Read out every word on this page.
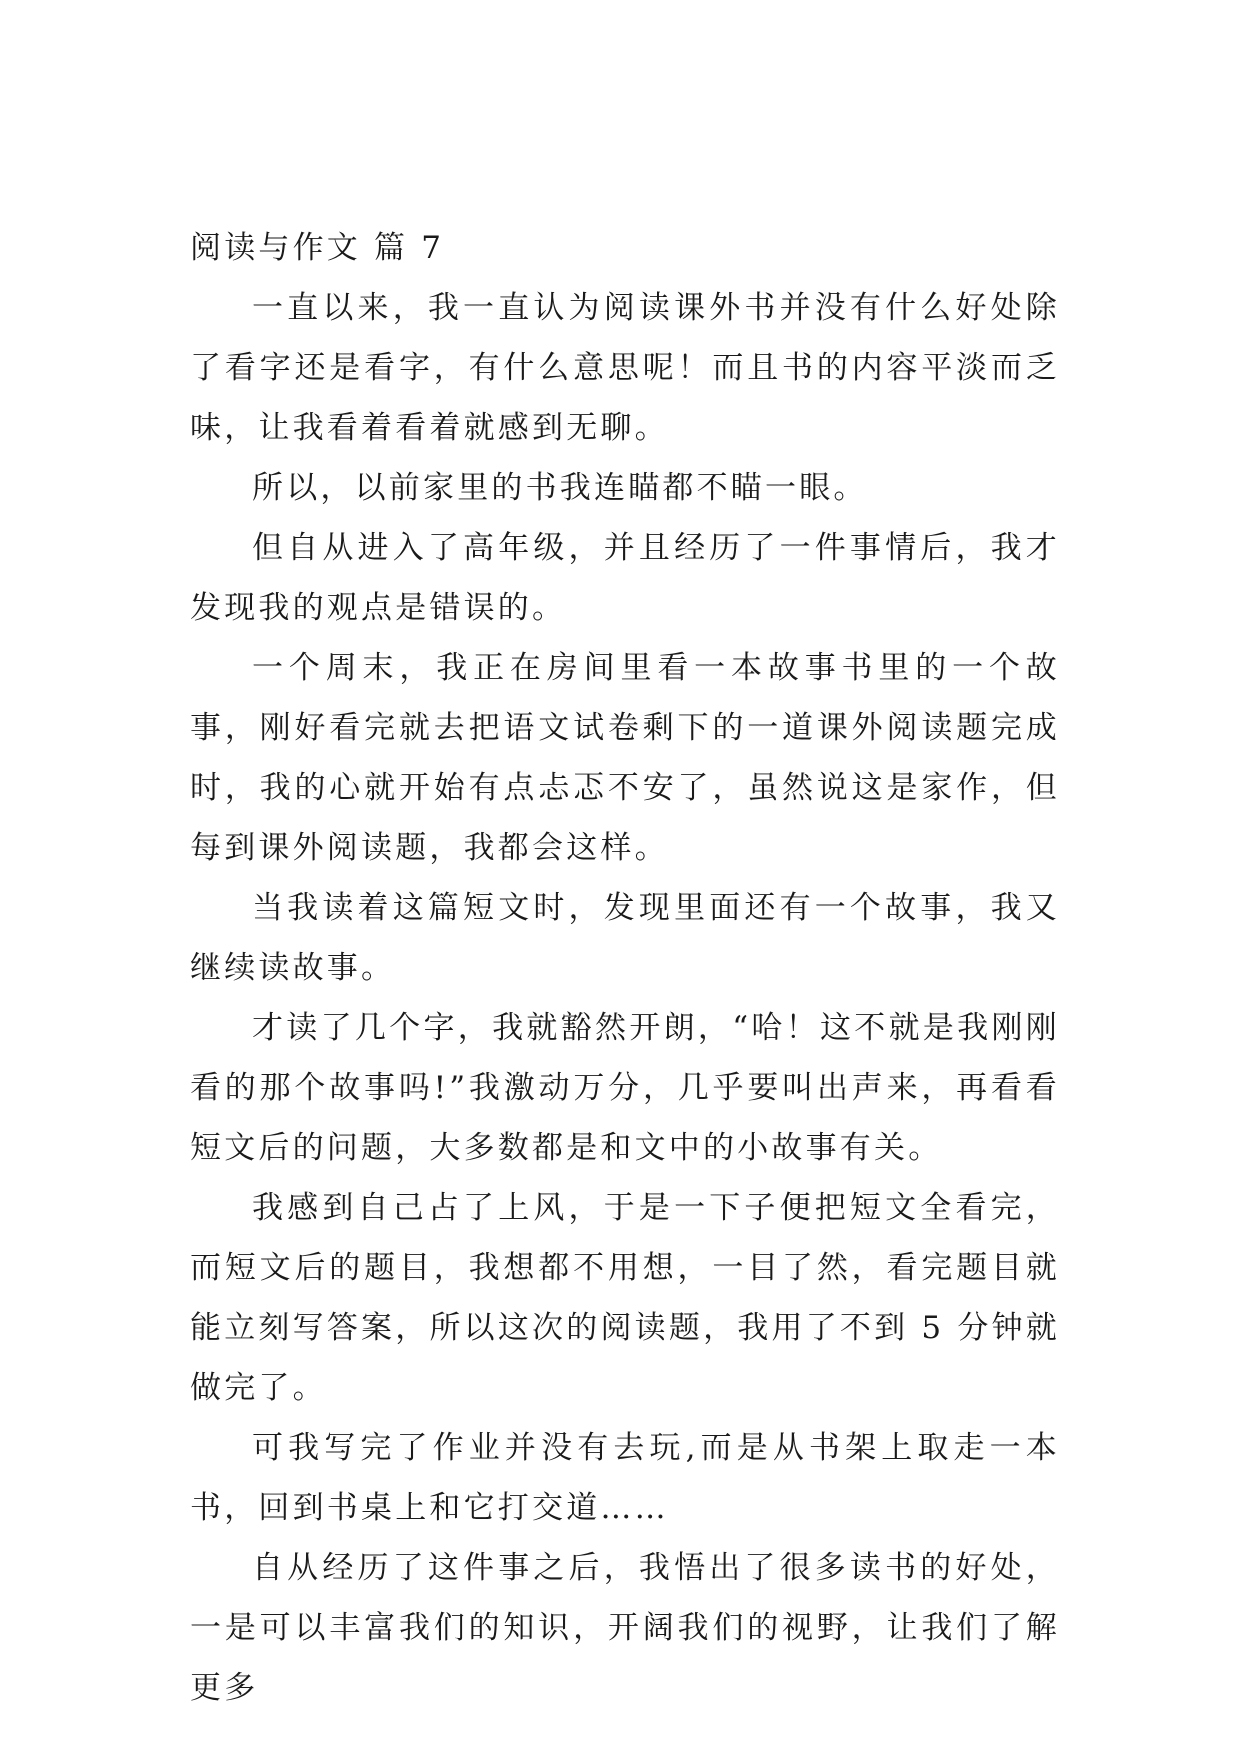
阅读与作文 篇 7

一直以来，我一直认为阅读课外书并没有什么好处除了看字还是看字，有什么意思呢！而且书的内容平淡而乏味，让我看着看着就感到无聊。

所以，以前家里的书我连瞄都不瞄一眼。

但自从进入了高年级，并且经历了一件事情后，我才发现我的观点是错误的。

一个周末，我正在房间里看一本故事书里的一个故事，刚好看完就去把语文试卷剩下的一道课外阅读题完成时，我的心就开始有点忐忑不安了，虽然说这是家作，但每到课外阅读题，我都会这样。

当我读着这篇短文时，发现里面还有一个故事，我又继续读故事。

才读了几个字，我就豁然开朗，“哈！这不就是我刚刚看的那个故事吗!”我激动万分，几乎要叫出声来，再看看短文后的问题，大多数都是和文中的小故事有关。

我感到自己占了上风，于是一下子便把短文全看完，而短文后的题目，我想都不用想，一目了然，看完题目就能立刻写答案，所以这次的阅读题，我用了不到 5 分钟就做完了。

可我写完了作业并没有去玩,而是从书架上取走一本书，回到书桌上和它打交道……

自从经历了这件事之后，我悟出了很多读书的好处，一是可以丰富我们的知识，开阔我们的视野，让我们了解更多
